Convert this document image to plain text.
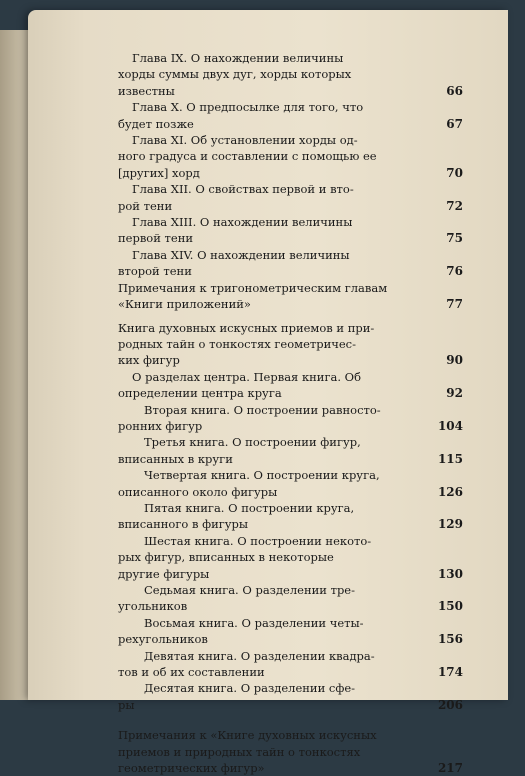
Глава IX. О нахождении величины
хорды суммы двух дуг, хорды которых
известны	66
Глава X. О предпосылке для того, что
будет позже	67
Глава XI. Об установлении хорды од-
ного градуса и составлении с помощью ее
[других] хорд	70
Глава XII. О свойствах первой и вто-
рой тени	72
Глава XIII. О нахождении величины
первой тени	75
Глава XIV. О нахождении величины
второй тени	76
Примечания к тригонометрическим главам
«Книги приложений»	77
Книга духовных искусных приемов и при-
родных тайн о тонкостях геометричес-
ких фигур	90
О разделах центра. Первая книга. Об
определении центра круга	92
Вторая книга. О построении равносто-
ронних фигур	104
Третья книга. О построении фигур,
вписанных в круги	115
Четвертая книга. О построении круга,
описанного около фигуры	126
Пятая книга. О построении круга,
вписанного в фигуры	129
Шестая книга. О построении некото-
рых фигур, вписанных в некоторые
другие фигуры	130
Седьмая книга. О разделении тре-
угольников	150
Восьмая книга. О разделении четы-
рехугольников	156
Девятая книга. О разделении квадра-
тов и об их составлении	174
Десятая книга. О разделении сфе-
ры	206
Примечания к «Книге духовных искусных
приемов и природных тайн о тонкостях
геометрических фигур»	217
